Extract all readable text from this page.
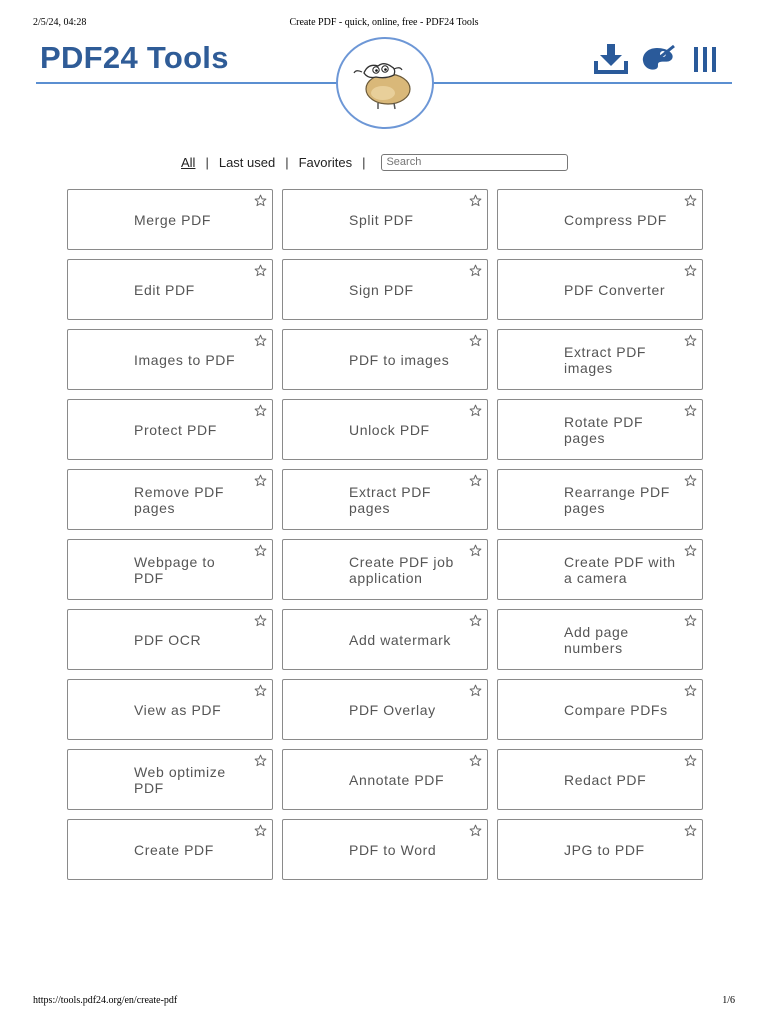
2/5/24, 04:28	Create PDF - quick, online, free - PDF24 Tools
PDF24 Tools
All | Last used | Favorites |
Search
Merge PDF	Split PDF	Compress PDF
Edit PDF	Sign PDF	PDF Converter
Images to PDF	PDF to images	Extract PDF images
Protect PDF	Unlock PDF	Rotate PDF pages
Remove PDF pages
Extract PDF pages
Rearrange PDF pages
Webpage to PDF
Create PDF job application
Create PDF with a camera
PDF OCR	Add watermark	Add page numbers
View as PDF	PDF Overlay	Compare PDFs
Web optimize PDF	Annotate PDF	Redact PDF
Create PDF	PDF to Word	JPG to PDF
https://tools.pdf24.org/en/create-pdf	1/6
